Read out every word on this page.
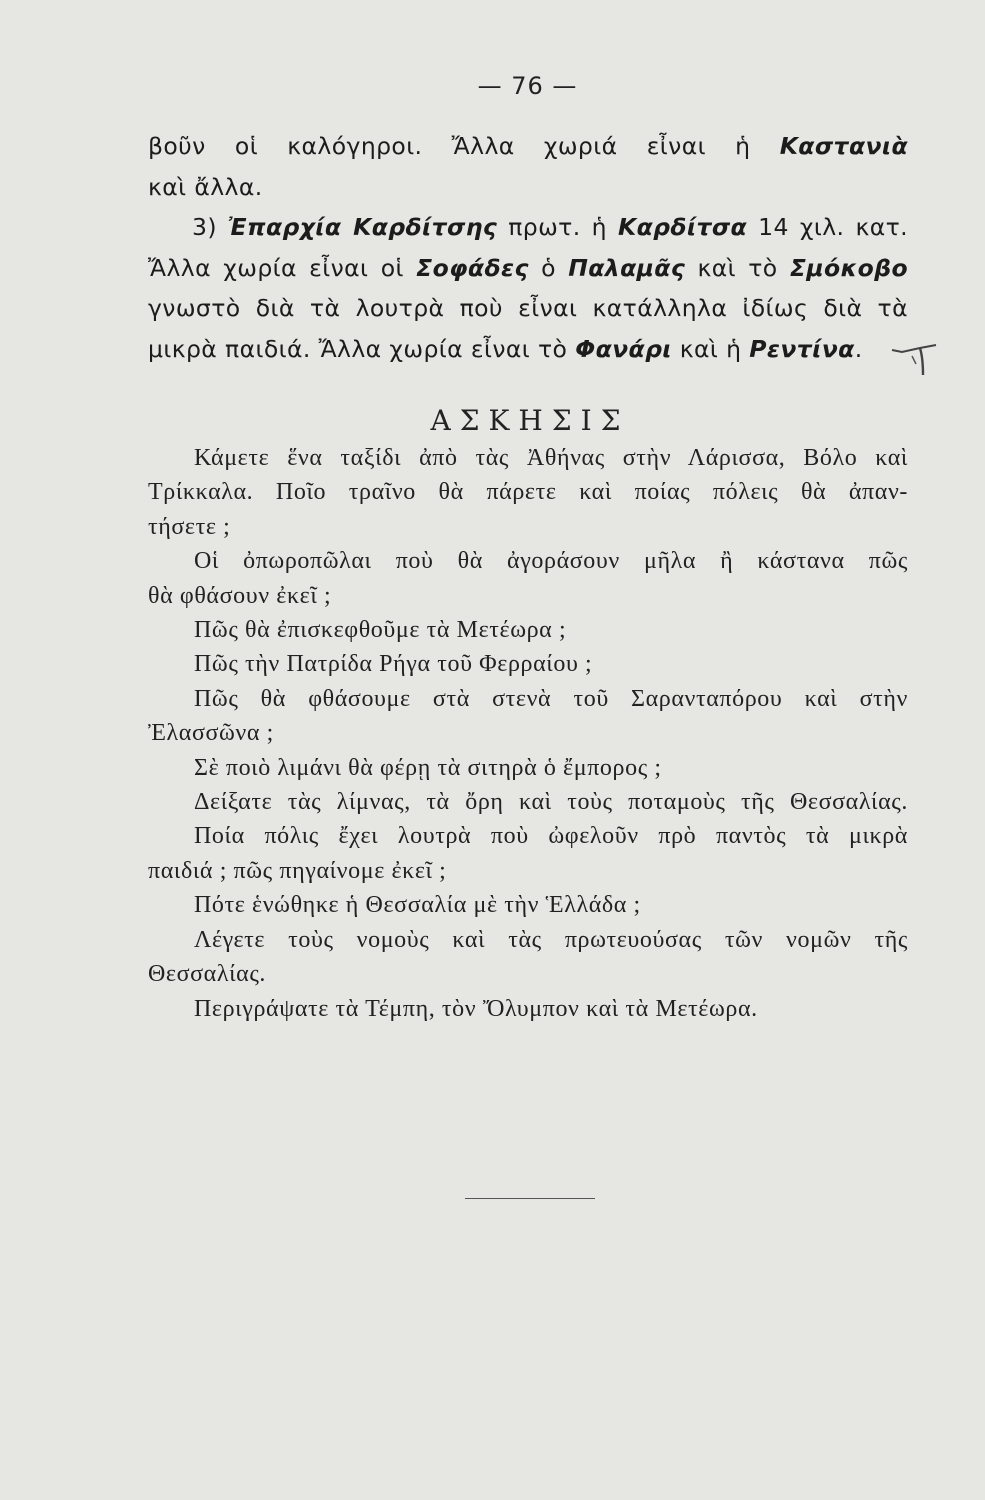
— 76 —

βοῦν οἱ καλόγηροι. Ἄλλα χωριά εἶναι ἡ Καστανιὰ

καὶ ἄλλα.

3) Ἐπαρχία Καρδίτσης πρωτ. ἡ Καρδίτσα 14 χιλ. κατ.

Ἄλλα χωρία εἶναι οἱ Σοφάδες ὁ Παλαμᾶς καὶ τὸ Σμόκοβο

γνωστὸ διὰ τὰ λουτρὰ ποὺ εἶναι κατάλληλα ἰδίως διὰ τὰ

μικρὰ παιδιά. Ἄλλα χωρία εἶναι τὸ Φανάρι καὶ ἡ Ρεντίνα.

ΑΣΚΗΣΙΣ

Κάμετε ἕνα ταξίδι ἀπὸ τὰς Ἀθήνας στὴν Λάρισσα, Βόλο καὶ

Τρίκκαλα. Ποῖο τραῖνο θὰ πάρετε καὶ ποίας πόλεις θὰ ἀπαν-

τήσετε ;

Οἱ ὀπωροπῶλαι ποὺ θὰ ἀγοράσουν μῆλα ἢ κάστανα πῶς

θὰ φθάσουν ἐκεῖ ;

Πῶς θὰ ἐπισκεφθοῦμε τὰ Μετέωρα ;

Πῶς τὴν Πατρίδα Ρήγα τοῦ Φερραίου ;

Πῶς θὰ φθάσουμε στὰ στενὰ τοῦ Σαρανταπόρου καὶ στὴν

Ἐλασσῶνα ;

Σὲ ποιὸ λιμάνι θὰ φέρῃ τὰ σιτηρὰ ὁ ἔμπορος ;

Δείξατε τὰς λίμνας, τὰ ὄρη καὶ τοὺς ποταμοὺς τῆς Θεσσαλίας.

Ποία πόλις ἔχει λουτρὰ ποὺ ὠφελοῦν πρὸ παντὸς τὰ μικρὰ

παιδιά ; πῶς πηγαίνομε ἐκεῖ ;

Πότε ἑνώθηκε ἡ Θεσσαλία μὲ τὴν Ἑλλάδα ;

Λέγετε τοὺς νομοὺς καὶ τὰς πρωτευούσας τῶν νομῶν τῆς

Θεσσαλίας.

Περιγράψατε τὰ Τέμπη, τὸν Ὄλυμπον καὶ τὰ Μετέωρα.
